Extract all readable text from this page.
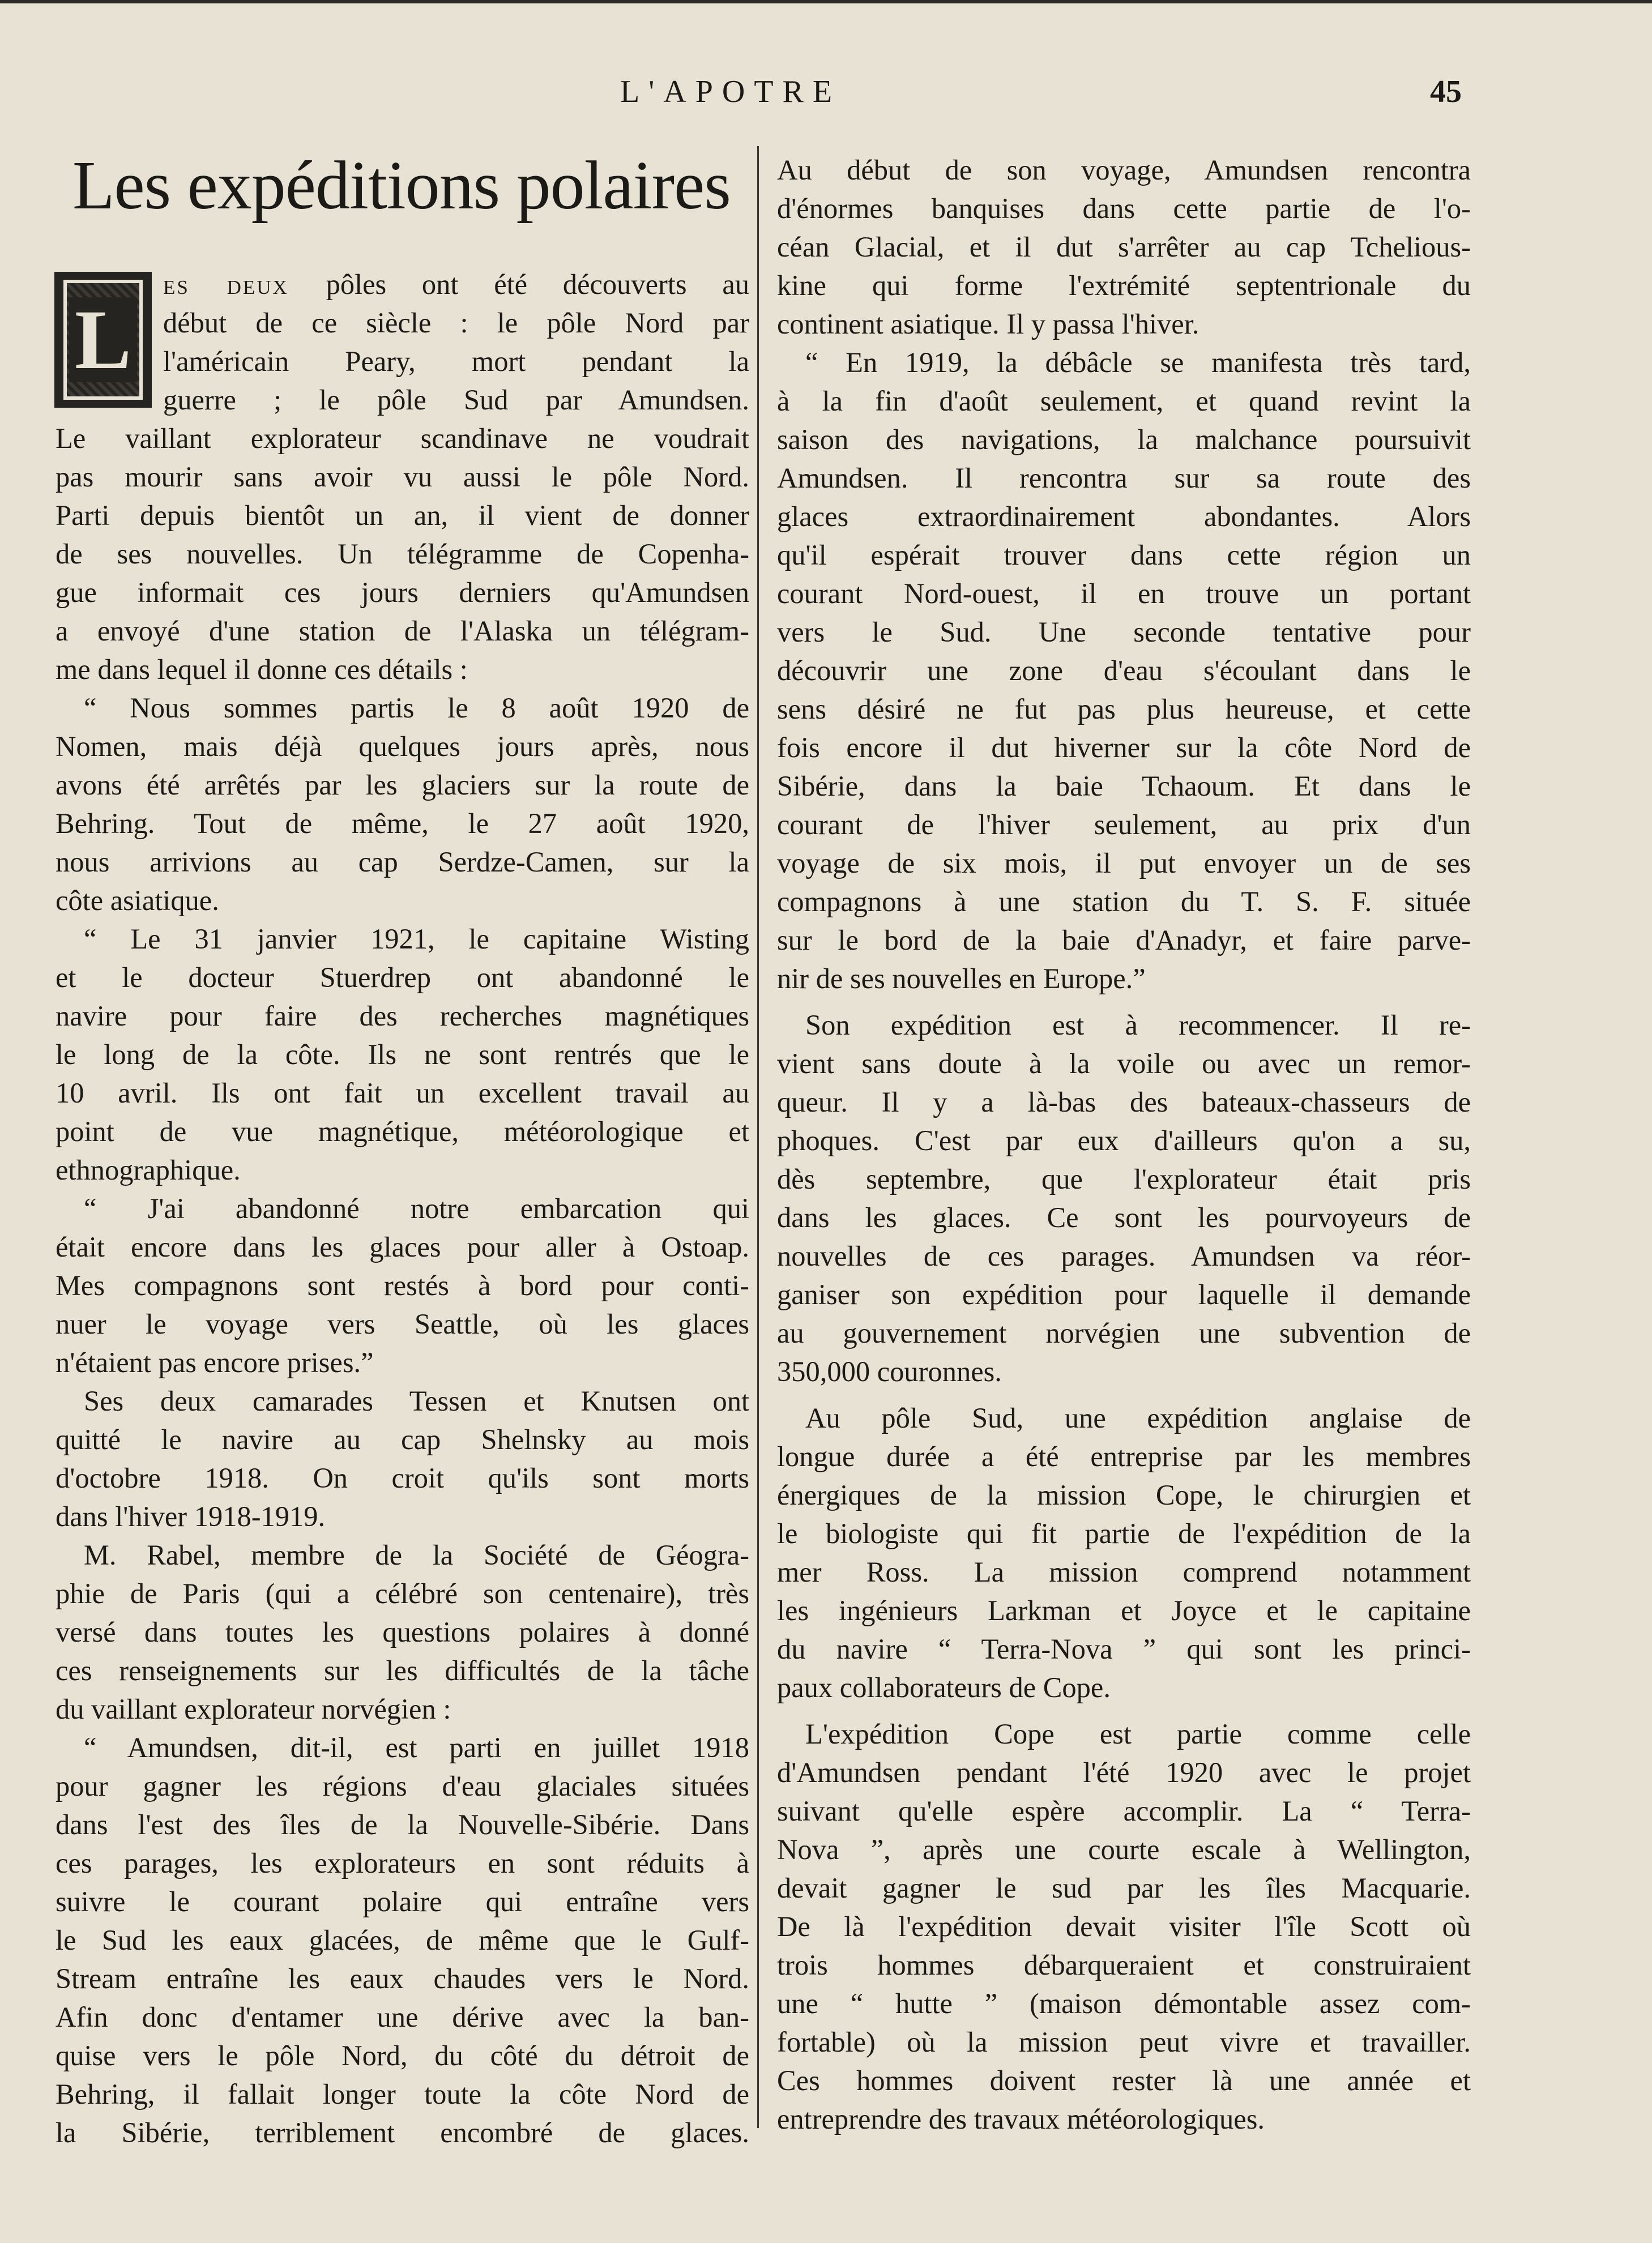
L'APOTRE	45
Les expéditions polaires
L
es deux pôles ont été découverts au
début de ce siècle : le pôle Nord par
l'américain Peary, mort pendant la
guerre ; le pôle Sud par Amundsen.
Le vaillant explorateur scandinave ne voudrait
pas mourir sans avoir vu aussi le pôle Nord.
Parti depuis bientôt un an, il vient de donner
de ses nouvelles. Un télégramme de Copenha-
gue informait ces jours derniers qu'Amundsen
a envoyé d'une station de l'Alaska un télégram-
me dans lequel il donne ces détails :
“ Nous sommes partis le 8 août 1920 de
Nomen, mais déjà quelques jours après, nous
avons été arrêtés par les glaciers sur la route de
Behring. Tout de même, le 27 août 1920,
nous arrivions au cap Serdze-Camen, sur la
côte asiatique.
“ Le 31 janvier 1921, le capitaine Wisting
et le docteur Stuerdrep ont abandonné le
navire pour faire des recherches magnétiques
le long de la côte. Ils ne sont rentrés que le
10 avril. Ils ont fait un excellent travail au
point de vue magnétique, météorologique et
ethnographique.
“ J'ai abandonné notre embarcation qui
était encore dans les glaces pour aller à Ostoap.
Mes compagnons sont restés à bord pour conti-
nuer le voyage vers Seattle, où les glaces
n'étaient pas encore prises.”
Ses deux camarades Tessen et Knutsen ont
quitté le navire au cap Shelnsky au mois
d'octobre 1918. On croit qu'ils sont morts
dans l'hiver 1918-1919.
M. Rabel, membre de la Société de Géogra-
phie de Paris (qui a célébré son centenaire), très
versé dans toutes les questions polaires à donné
ces renseignements sur les difficultés de la tâche
du vaillant explorateur norvégien :
“ Amundsen, dit-il, est parti en juillet 1918
pour gagner les régions d'eau glaciales situées
dans l'est des îles de la Nouvelle-Sibérie. Dans
ces parages, les explorateurs en sont réduits à
suivre le courant polaire qui entraîne vers
le Sud les eaux glacées, de même que le Gulf-
Stream entraîne les eaux chaudes vers le Nord.
Afin donc d'entamer une dérive avec la ban-
quise vers le pôle Nord, du côté du détroit de
Behring, il fallait longer toute la côte Nord de
la Sibérie, terriblement encombré de glaces.
Au début de son voyage, Amundsen rencontra
d'énormes banquises dans cette partie de l'o-
céan Glacial, et il dut s'arrêter au cap Tchelious-
kine qui forme l'extrémité septentrionale du
continent asiatique. Il y passa l'hiver.
“ En 1919, la débâcle se manifesta très tard,
à la fin d'août seulement, et quand revint la
saison des navigations, la malchance poursuivit
Amundsen. Il rencontra sur sa route des
glaces extraordinairement abondantes. Alors
qu'il espérait trouver dans cette région un
courant Nord-ouest, il en trouve un portant
vers le Sud. Une seconde tentative pour
découvrir une zone d'eau s'écoulant dans le
sens désiré ne fut pas plus heureuse, et cette
fois encore il dut hiverner sur la côte Nord de
Sibérie, dans la baie Tchaoum. Et dans le
courant de l'hiver seulement, au prix d'un
voyage de six mois, il put envoyer un de ses
compagnons à une station du T. S. F. située
sur le bord de la baie d'Anadyr, et faire parve-
nir de ses nouvelles en Europe.”
Son expédition est à recommencer. Il re-
vient sans doute à la voile ou avec un remor-
queur. Il y a là-bas des bateaux-chasseurs de
phoques. C'est par eux d'ailleurs qu'on a su,
dès septembre, que l'explorateur était pris
dans les glaces. Ce sont les pourvoyeurs de
nouvelles de ces parages. Amundsen va réor-
ganiser son expédition pour laquelle il demande
au gouvernement norvégien une subvention de
350,000 couronnes.
Au pôle Sud, une expédition anglaise de
longue durée a été entreprise par les membres
énergiques de la mission Cope, le chirurgien et
le biologiste qui fit partie de l'expédition de la
mer Ross. La mission comprend notamment
les ingénieurs Larkman et Joyce et le capitaine
du navire “ Terra-Nova ” qui sont les princi-
paux collaborateurs de Cope.
L'expédition Cope est partie comme celle
d'Amundsen pendant l'été 1920 avec le projet
suivant qu'elle espère accomplir. La “ Terra-
Nova ”, après une courte escale à Wellington,
devait gagner le sud par les îles Macquarie.
De là l'expédition devait visiter l'île Scott où
trois hommes débarqueraient et construiraient
une “ hutte ” (maison démontable assez com-
fortable) où la mission peut vivre et travailler.
Ces hommes doivent rester là une année et
entreprendre des travaux météorologiques.
